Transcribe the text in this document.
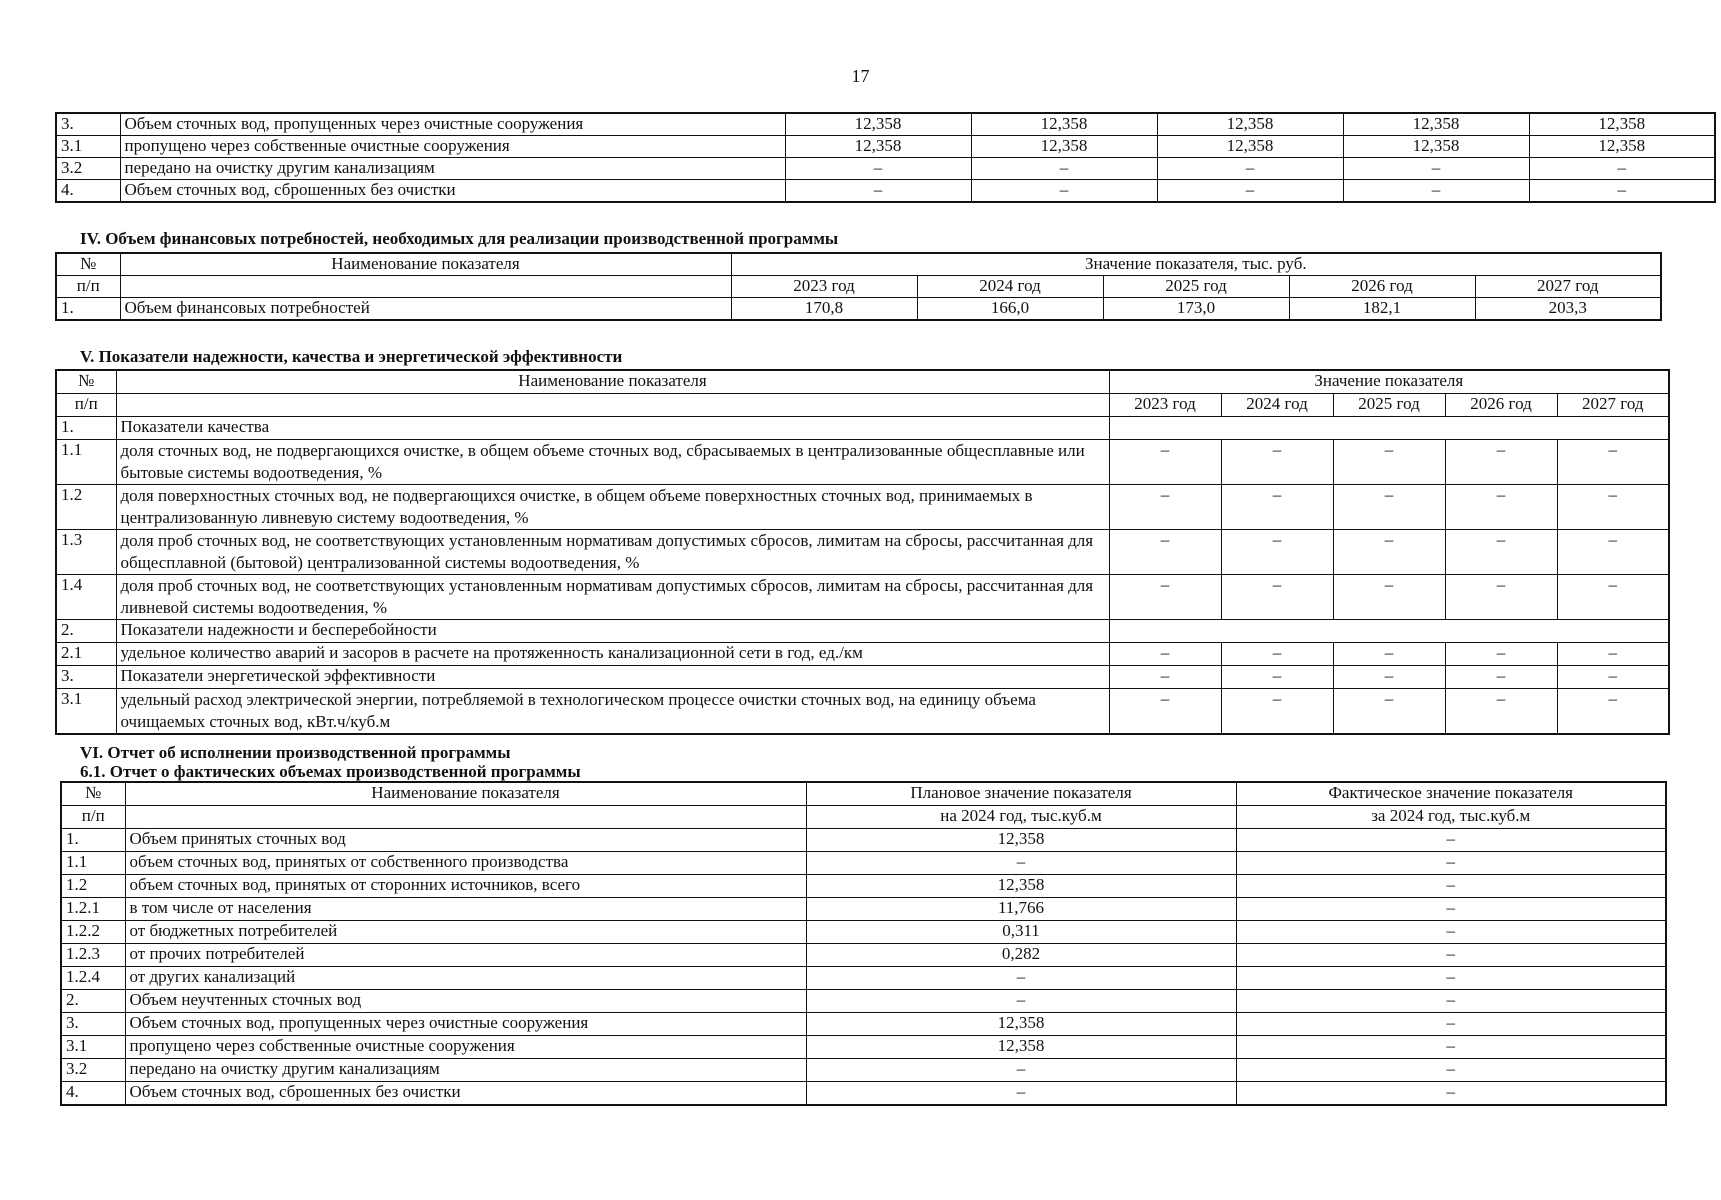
17
3.	Объем сточных вод, пропущенных через очистные сооружения	12,358	12,358	12,358	12,358	12,358
3.1	пропущено через собственные очистные сооружения	12,358	12,358	12,358	12,358	12,358
3.2	передано на очистку другим канализациям	–	–	–	–	–
4.	Объем сточных вод, сброшенных без очистки	–	–	–	–	–
IV. Объем финансовых потребностей, необходимых для реализации производственной программы
№	Наименование показателя	Значение показателя, тыс. руб.				
п/п		2023 год	2024 год	2025 год	2026 год	2027 год
1.	Объем финансовых потребностей	170,8	166,0	173,0	182,1	203,3
V. Показатели надежности, качества и энергетической эффективности
№	Наименование показателя	Значение показателя				
п/п		2023 год	2024 год	2025 год	2026 год	2027 год
1.	Показатели качества					
1.1	доля сточных вод, не подвергающихся очистке, в общем объеме сточных вод, сбрасываемых в централизованные общесплавные или бытовые системы водоотведения, %	–	–	–	–	–
1.2	доля поверхностных сточных вод, не подвергающихся очистке, в общем объеме поверхностных сточных вод, принимаемых в централизованную ливневую систему водоотведения, %	–	–	–	–	–
1.3	доля проб сточных вод, не соответствующих установленным нормативам допустимых сбросов, лимитам на сбросы, рассчитанная для общесплавной (бытовой) централизованной системы водоотведения, %	–	–	–	–	–
1.4	доля проб сточных вод, не соответствующих установленным нормативам допустимых сбросов, лимитам на сбросы, рассчитанная для ливневой системы водоотведения, %	–	–	–	–	–
2.	Показатели надежности и бесперебойности					
2.1	удельное количество аварий и засоров в расчете на протяженность канализационной сети в год, ед./км	–	–	–	–	–
3.	Показатели энергетической эффективности	–	–	–	–	–
3.1	удельный расход электрической энергии, потребляемой в технологическом процессе очистки сточных вод, на единицу объема очищаемых сточных вод, кВт.ч/куб.м	–	–	–	–	–
VI. Отчет об исполнении производственной программы
6.1. Отчет о фактических объемах производственной программы
№	Наименование показателя	Плановое значение показателя	Фактическое значение показателя
п/п		на 2024 год, тыс.куб.м	за 2024 год, тыс.куб.м
1.	Объем принятых сточных вод	12,358	–
1.1	объем сточных вод, принятых от собственного производства	–	–
1.2	объем сточных вод, принятых от сторонних источников, всего	12,358	–
1.2.1	в том числе от населения	11,766	–
1.2.2	от бюджетных потребителей	0,311	–
1.2.3	от прочих потребителей	0,282	–
1.2.4	от других канализаций	–	–
2.	Объем неучтенных сточных вод	–	–
3.	Объем сточных вод, пропущенных через очистные сооружения	12,358	–
3.1	пропущено через собственные очистные сооружения	12,358	–
3.2	передано на очистку другим канализациям	–	–
4.	Объем сточных вод, сброшенных без очистки	–	–
